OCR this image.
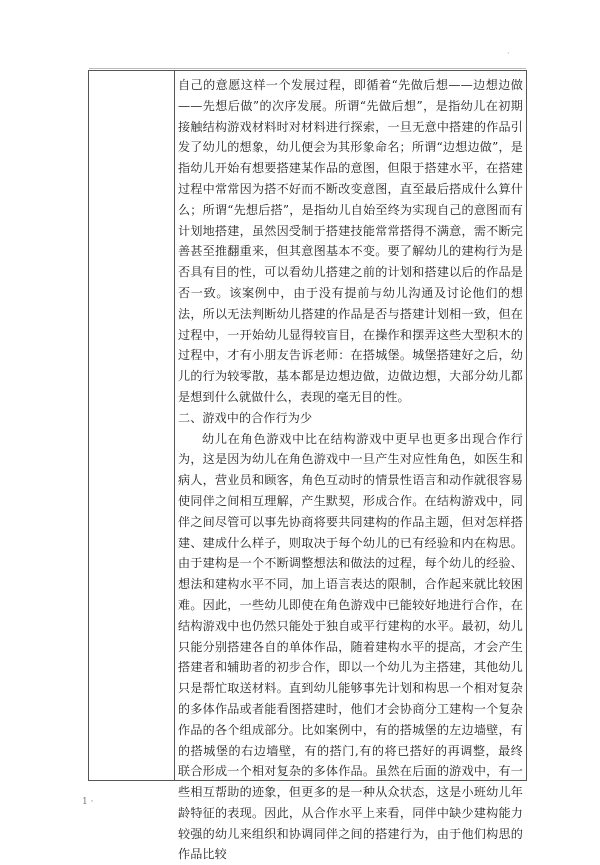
·

自己的意愿这样一个发展过程，即循着“先做后想——边想边做——先想后做”的次序发展。所谓“先做后想”，是指幼儿在初期接触结构游戏材料时对材料进行探索，一旦无意中搭建的作品引发了幼儿的想象，幼儿便会为其形象命名；所谓“边想边做”，是指幼儿开始有想要搭建某作品的意图，但限于搭建水平，在搭建过程中常常因为搭不好而不断改变意图，直至最后搭成什么算什么；所谓“先想后搭”，是指幼儿自始至终为实现自己的意图而有计划地搭建，虽然因受制于搭建技能常常搭得不满意，需不断完善甚至推翻重来，但其意图基本不变。要了解幼儿的建构行为是否具有目的性，可以看幼儿搭建之前的计划和搭建以后的作品是否一致。该案例中，由于没有提前与幼儿沟通及讨论他们的想法，所以无法判断幼儿搭建的作品是否与搭建计划相一致，但在过程中，一开始幼儿显得较盲目，在操作和摆弄这些大型积木的过程中，才有小朋友告诉老师：在搭城堡。城堡搭建好之后，幼儿的行为较零散，基本都是边想边做，边做边想，大部分幼儿都是想到什么就做什么，表现的毫无目的性。

二、游戏中的合作行为少

幼儿在角色游戏中比在结构游戏中更早也更多出现合作行为，这是因为幼儿在角色游戏中一旦产生对应性角色，如医生和病人，营业员和顾客，角色互动时的情景性语言和动作就很容易使同伴之间相互理解，产生默契，形成合作。在结构游戏中，同伴之间尽管可以事先协商将要共同建构的作品主题，但对怎样搭建、建成什么样子，则取决于每个幼儿的已有经验和内在构思。由于建构是一个不断调整想法和做法的过程，每个幼儿的经验、想法和建构水平不同，加上语言表达的限制，合作起来就比较困难。因此，一些幼儿即使在角色游戏中已能较好地进行合作，在结构游戏中也仍然只能处于独自或平行建构的水平。最初，幼儿只能分别搭建各自的单体作品，随着建构水平的提高，才会产生搭建者和辅助者的初步合作，即以一个幼儿为主搭建，其他幼儿只是帮忙取送材料。直到幼儿能够事先计划和构思一个相对复杂的多体作品或者能看图搭建时，他们才会协商分工建构一个复杂作品的各个组成部分。比如案例中，有的搭城堡的左边墙壁，有的搭城堡的右边墙壁，有的搭门,有的将已搭好的再调整，最终联合形成一个相对复杂的多体作品。虽然在后面的游戏中，有一些相互帮助的迹象，但更多的是一种从众状态，这是小班幼儿年龄特征的表现。因此，从合作水平上来看，同伴中缺少建构能力较强的幼儿来组织和协调同伴之间的搭建行为，由于他们构思的作品比较

1 ·
